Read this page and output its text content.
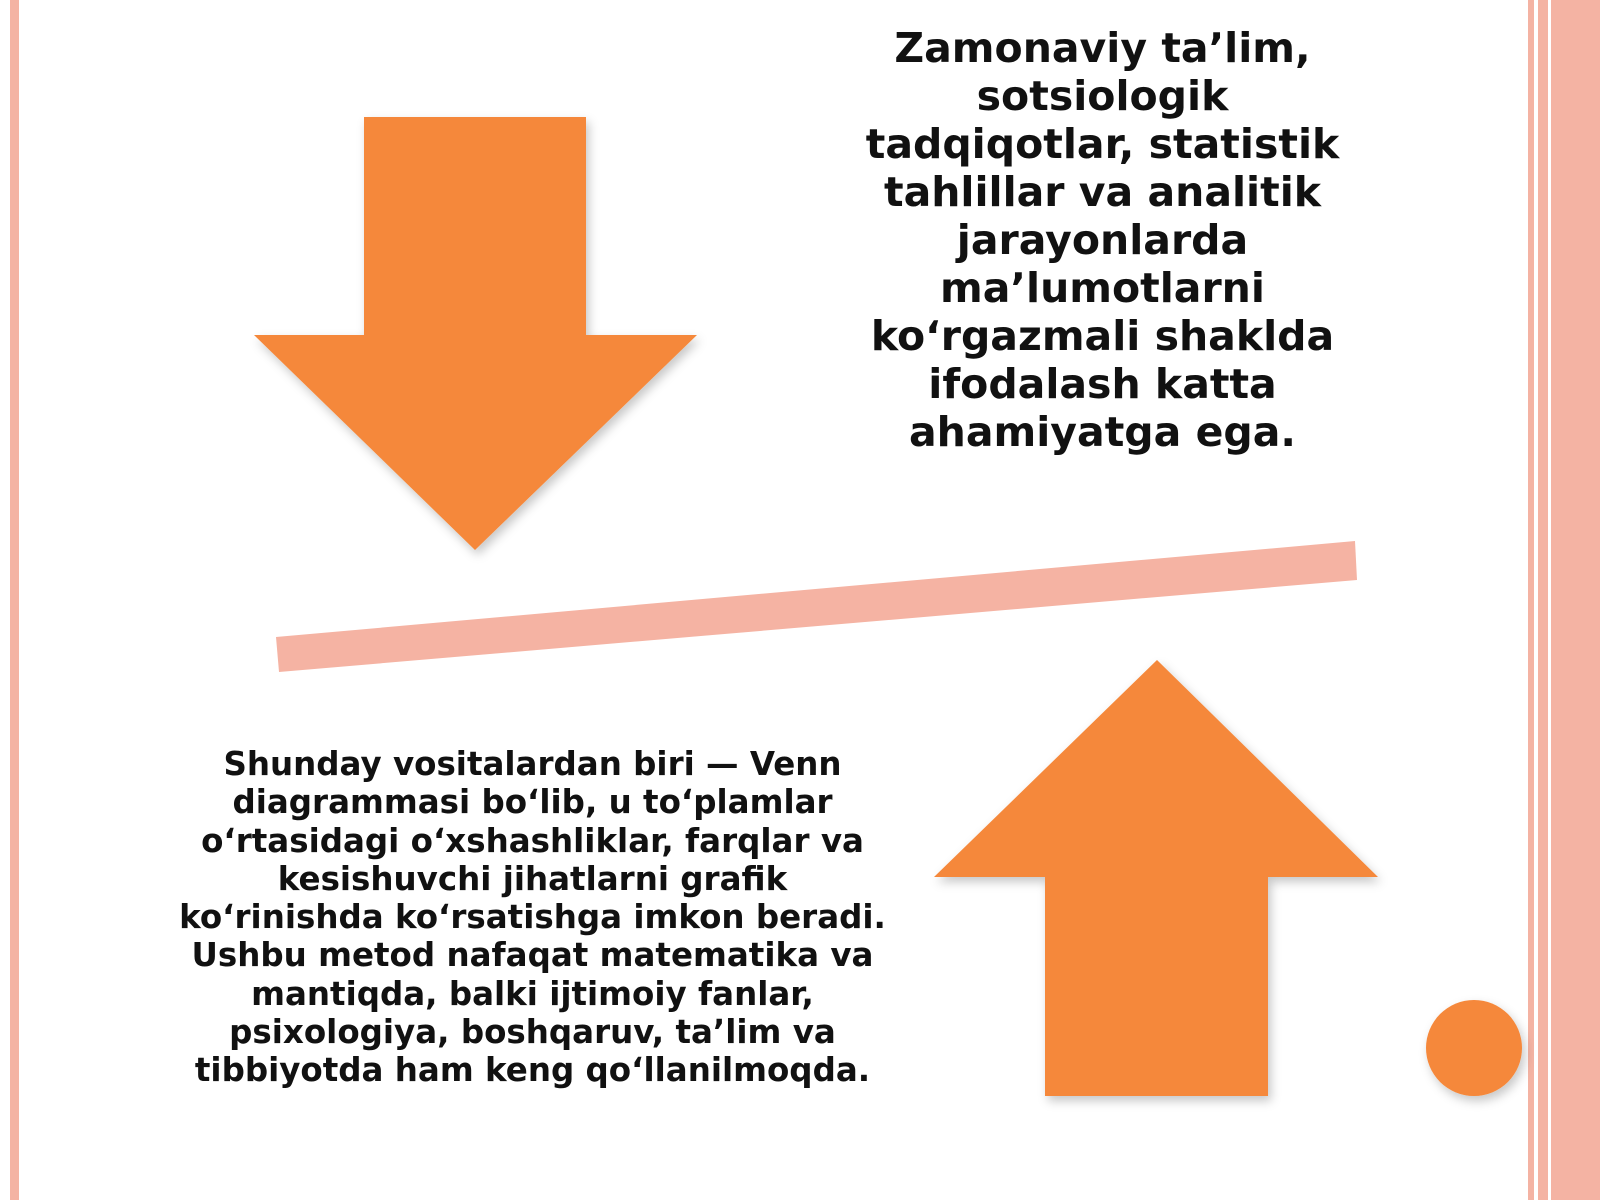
Zamonaviy ta’lim, sotsiologik tadqiqotlar, statistik tahlillar va analitik jarayonlarda ma’lumotlarni ko‘rgazmali shaklda ifodalash katta ahamiyatga ega.

Shunday vositalardan biri — Venn diagrammasi bo‘lib, u to‘plamlar o‘rtasidagi o‘xshashliklar, farqlar va kesishuvchi jihatlarni grafik ko‘rinishda ko‘rsatishga imkon beradi. Ushbu metod nafaqat matematika va mantiqda, balki ijtimoiy fanlar, psixologiya, boshqaruv, ta’lim va tibbiyotda ham keng qo‘llanilmoqda.
